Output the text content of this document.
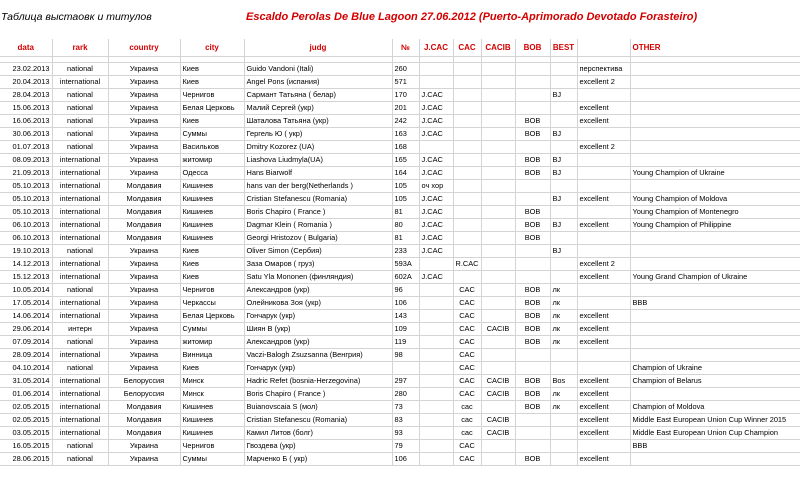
Таблица выстаовк и титулов	Escaldo Perolas De Blue Lagoon 27.06.2012 (Puerto-Aprimorado Devotado Forasteiro)
data	rark	country	city	judg	№	J.CAC	CAC	CACIB	BOB	BEST		OTHER

23.02.2013	national	Украина	Киев	Guido Vandoni (Itali)	260						перспектива	
20.04.2013	international	Украина	Киев	Angel Pons (испания)	571						excellent 2	
28.04.2013	national	Украина	Чернигов	Сармант Татьяна ( белар)	170	J.CAC				BJ		
15.06.2013	national	Украина	Белая Церковь	Малий Сергей (укр)	201	J.CAC					excellent	
16.06.2013	national	Украина	Киев	Шаталова Татьяна (укр)	242	J.CAC			BOB		excellent	
30.06.2013	national	Украина	Суммы	Гергель Ю ( укр)	163	J.CAC			BOB	BJ		
01.07.2013	national	Украина	Васильков	Dmitry Kozorez (UA)	168						excellent 2	
08.09.2013	international	Украина	житомир	Liashova Liudmyla(UA)	165	J.CAC			BOB	BJ		
21.09.2013	international	Украина	Одесса	Hans Biarwolf	164	J.CAC			BOB	BJ		Young Champion of Ukraine
05.10.2013	international	Молдавия	Кишинев	hans van der berg(Netherlands )	105	оч хор						
05.10.2013	international	Молдавия	Кишинев	Cristian Stefanescu (Romania)	105	J.CAC				BJ	excellent	Young Champion of Moldova
05.10.2013	international	Молдавия	Кишинев	Boris Chapiro ( France )	81	J.CAC			BOB			Young Champion of Montenegro
06.10.2013	international	Молдавия	Кишинев	Dagmar Klein ( Romania )	80	J.CAC			BOB	BJ	excellent	Young Champion of Philippine
06.10.2013	international	Молдавия	Кишинев	Georgi Hristozov ( Bulgaria)	81	J.CAC			BOB			
19.10.2013	national	Украина	Киев	Oliver Simon (Сербия)	233	J.CAC				BJ		
14.12.2013	international	Украина	Киев	Заза Омаров ( груз)	593A		R.CAC				excellent 2	
15.12.2013	international	Украина	Киев	Satu Yla Mononen (финляндия)	602A	J.CAC					excellent	Young Grand Champion of Ukraine
10.05.2014	national	Украина	Чернигов	Александров (укр)	96		CAC		BOB	лк		
17.05.2014	international	Украина	Черкассы	Олейникова Зоя (укр)	106		CAC		BOB	лк		BBB
14.06.2014	international	Украина	Белая Церковь	Гончарук (укр)	143		CAC		BOB	лк	excellent	
29.06.2014	интерн	Украина	Суммы	Шиян В (укр)	109		CAC	CACIB	BOB	лк	excellent	
07.09.2014	national	Украина	житомир	Александров (укр)	119		CAC		BOB	лк	excellent	
28.09.2014	international	Украина	Винница	Vaczi-Balogh Zsuzsanna (Венгрия)	98		CAC					
04.10.2014	national	Украина	Киев	Гончарук (укр)			CAC					Champion of Ukraine
31.05.2014	international	Белоруссия	Минск	Hadric Refet (bosnia-Herzegovina)	297		CAC	CACIB	BOB	Bos	excellent	Champion of Belarus
01.06.2014	international	Белоруссия	Минск	Boris Chapiro ( France )	280		CAC	CACIB	BOB	лк	excellent	
02.05.2015	international	Молдавия	Кишинев	Buianovscaia S (мол)	73		сас		BOB	лк	excellent	Champion of Moldova
02.05.2015	international	Молдавия	Кишинев	Cristian Stefanescu (Romania)	83		сас	CACIB			excellent	Middle East European Union Cup Winner 2015
03.05.2015	international	Молдавия	Кишинев	Камил Литов (болг)	93		сас	CACIB			excellent	Middle East European Union Cup Champion
16.05.2015	national	Украина	Чернигов	Гвоздева (укр)	79		CAC					BBB
28.06.2015	national	Украина	Суммы	Марченко Б ( укр)	106		CAC		BOB		excellent	
